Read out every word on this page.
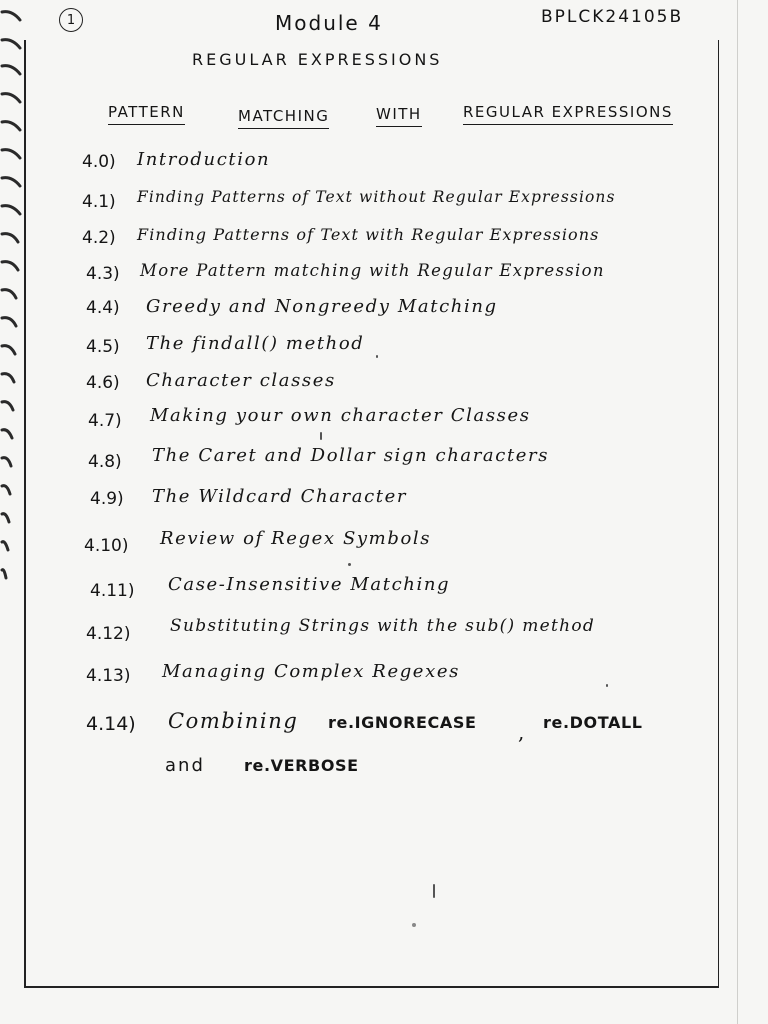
1	Module 4	BPLCK24105B
REGULAR EXPRESSIONS
PATTERN	MATCHING	WITH	REGULAR EXPRESSIONS
4.0) Introduction
4.1) Finding Patterns of Text without Regular Expressions
4.2) Finding Patterns of Text with Regular Expressions
4.3) More Pattern matching with Regular Expression
4.4) Greedy and Nongreedy Matching
4.5) The findall() method
4.6) Character classes
4.7) Making your own character Classes
4.8) The Caret and Dollar sign characters
4.9) The Wildcard Character
4.10) Review of Regex Symbols
4.11) Case-Insensitive Matching
4.12) Substituting Strings with the sub() method
4.13) Managing Complex Regexes
4.14) Combining re.IGNORECASE , re.DOTALL
and re.VERBOSE
